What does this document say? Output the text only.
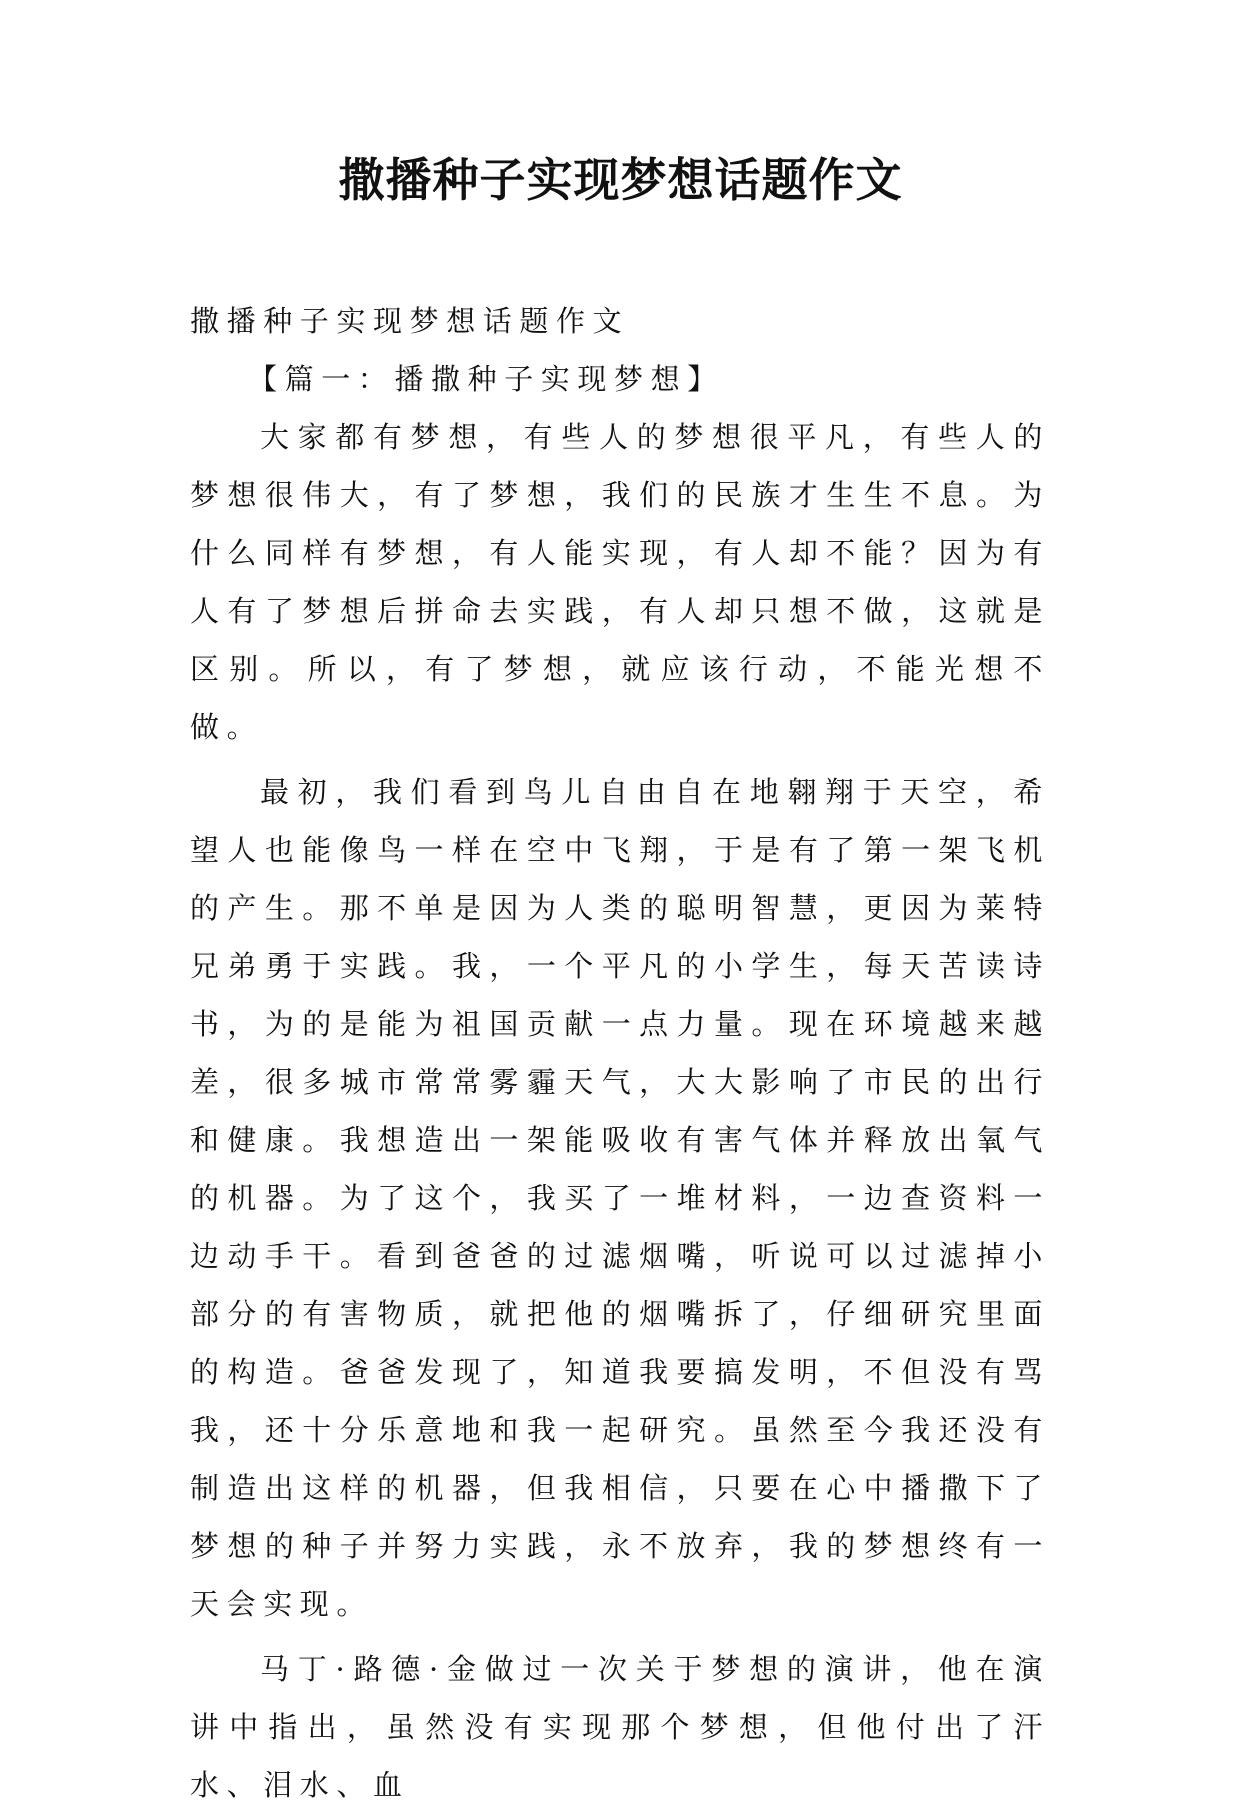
撒播种子实现梦想话题作文

撒播种子实现梦想话题作文

【篇一：播撒种子实现梦想】

大家都有梦想，有些人的梦想很平凡，有些人的梦想很伟大，有了梦想，我们的民族才生生不息。为什么同样有梦想，有人能实现，有人却不能？因为有人有了梦想后拼命去实践，有人却只想不做，这就是区别。所以，有了梦想，就应该行动，不能光想不做。

最初，我们看到鸟儿自由自在地翱翔于天空，希望人也能像鸟一样在空中飞翔，于是有了第一架飞机的产生。那不单是因为人类的聪明智慧，更因为莱特兄弟勇于实践。我，一个平凡的小学生，每天苦读诗书，为的是能为祖国贡献一点力量。现在环境越来越差，很多城市常常雾霾天气，大大影响了市民的出行和健康。我想造出一架能吸收有害气体并释放出氧气的机器。为了这个，我买了一堆材料，一边查资料一边动手干。看到爸爸的过滤烟嘴，听说可以过滤掉小部分的有害物质，就把他的烟嘴拆了，仔细研究里面的构造。爸爸发现了，知道我要搞发明，不但没有骂我，还十分乐意地和我一起研究。虽然至今我还没有制造出这样的机器，但我相信，只要在心中播撒下了梦想的种子并努力实践，永不放弃，我的梦想终有一天会实现。

马丁·路德·金做过一次关于梦想的演讲，他在演讲中指出，虽然没有实现那个梦想，但他付出了汗水、泪水、血
